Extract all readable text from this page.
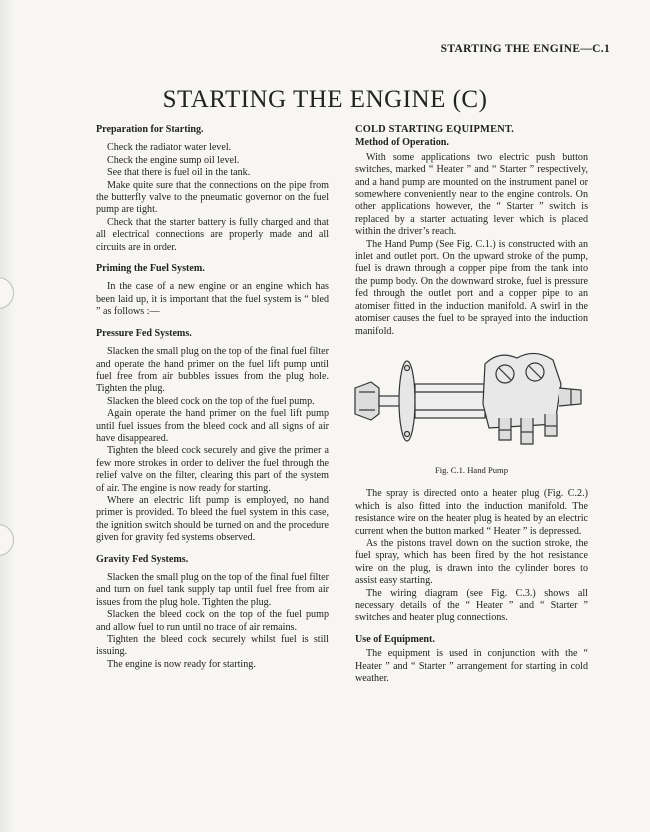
STARTING THE ENGINE—C.1
STARTING THE ENGINE (C)

Preparation for Starting.

Check the radiator water level.

Check the engine sump oil level.

See that there is fuel oil in the tank.

Make quite sure that the connections on the pipe from the butterfly valve to the pneumatic governor on the fuel pump are tight.

Check that the starter battery is fully charged and that all electrical connections are properly made and all circuits are in order.

Priming the Fuel System.

In the case of a new engine or an engine which has been laid up, it is important that the fuel system is “ bled ” as follows :—

Pressure Fed Systems.

Slacken the small plug on the top of the final fuel filter and operate the hand primer on the fuel lift pump until fuel free from air bubbles issues from the plug hole. Tighten the plug.

Slacken the bleed cock on the top of the fuel pump.

Again operate the hand primer on the fuel lift pump until fuel issues from the bleed cock and all signs of air have disappeared.

Tighten the bleed cock securely and give the primer a few more strokes in order to deliver the fuel through the relief valve on the filter, clearing this part of the system of air. The engine is now ready for starting.

Where an electric lift pump is employed, no hand primer is provided. To bleed the fuel system in this case, the ignition switch should be turned on and the procedure given for gravity fed systems observed.

Gravity Fed Systems.

Slacken the small plug on the top of the final fuel filter and turn on fuel tank supply tap until fuel free from air issues from the plug hole. Tighten the plug.

Slacken the bleed cock on the top of the fuel pump and allow fuel to run until no trace of air remains.

Tighten the bleed cock securely whilst fuel is still issuing.

The engine is now ready for starting.

COLD STARTING EQUIPMENT.

Method of Operation.

With some applications two electric push button switches, marked “ Heater ” and “ Starter ” respectively, and a hand pump are mounted on the instrument panel or somewhere conveniently near to the engine controls. On other applications however, the “ Starter ” switch is replaced by a starter actuating lever which is placed within the driver’s reach.

The Hand Pump (See Fig. C.1.) is constructed with an inlet and outlet port. On the upward stroke of the pump, fuel is drawn through a copper pipe from the tank into the pump body. On the downward stroke, fuel is pressure fed through the outlet port and a copper pipe to an atomiser fitted in the induction manifold. A swirl in the atomiser causes the fuel to be sprayed into the induction manifold.

Fig. C.1. Hand Pump

The spray is directed onto a heater plug (Fig. C.2.) which is also fitted into the induction manifold. The resistance wire on the heater plug is heated by an electric current when the button marked “ Heater ” is depressed.

As the pistons travel down on the suction stroke, the fuel spray, which has been fired by the hot resistance wire on the plug, is drawn into the cylinder bores to assist easy starting.

The wiring diagram (see Fig. C.3.) shows all necessary details of the “ Heater ” and “ Starter ” switches and heater plug connections.

Use of Equipment.

The equipment is used in conjunction with the “ Heater ” and “ Starter ” arrangement for starting in cold weather.
